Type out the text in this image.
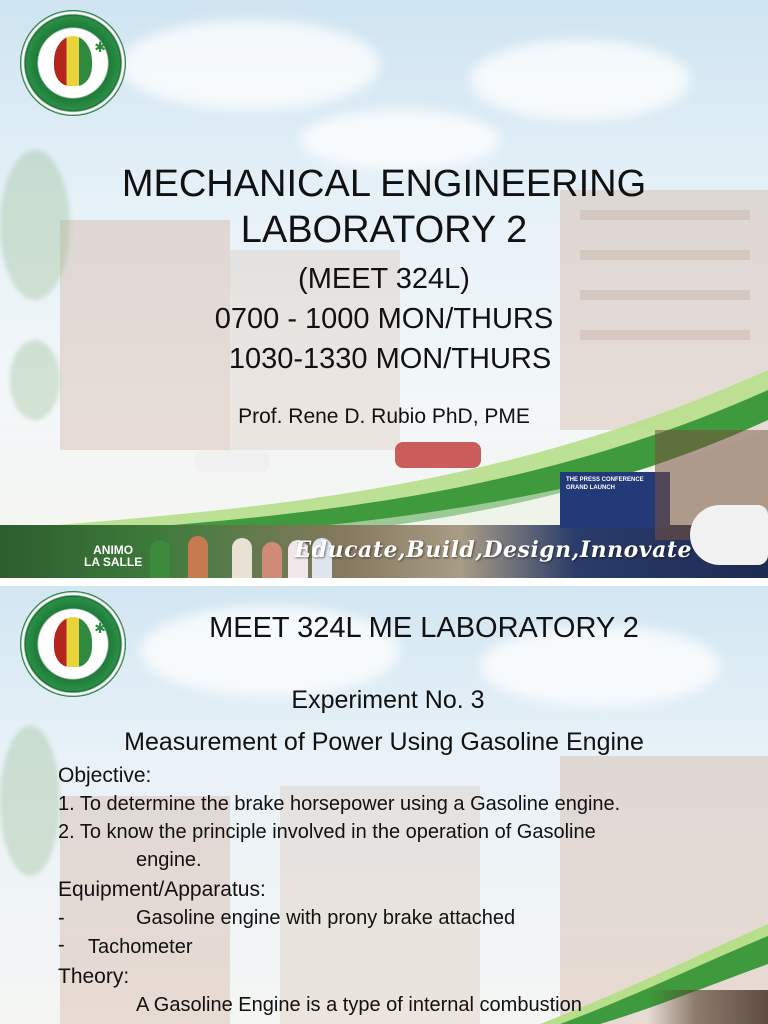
THE PRESS CONFERENCE GRAND LAUNCH
ANIMO
LA SALLE	Educate,Build,Design,Innovate
✱
MECHANICAL ENGINEERING
LABORATORY 2
(MEET 324L)
0700 - 1000 MON/THURS
1030-1330 MON/THURS
Prof. Rene D. Rubio PhD, PME
✱	MEET 324L ME LABORATORY 2
Experiment No. 3
Measurement of Power Using Gasoline Engine
Objective:
1. To determine the brake horsepower using a Gasoline engine.
2. To know the principle involved in the operation of Gasoline
engine.
Equipment/Apparatus:
-	Gasoline engine with prony brake attached
- Tachometer
Theory:
A Gasoline Engine is a type of internal combustion
